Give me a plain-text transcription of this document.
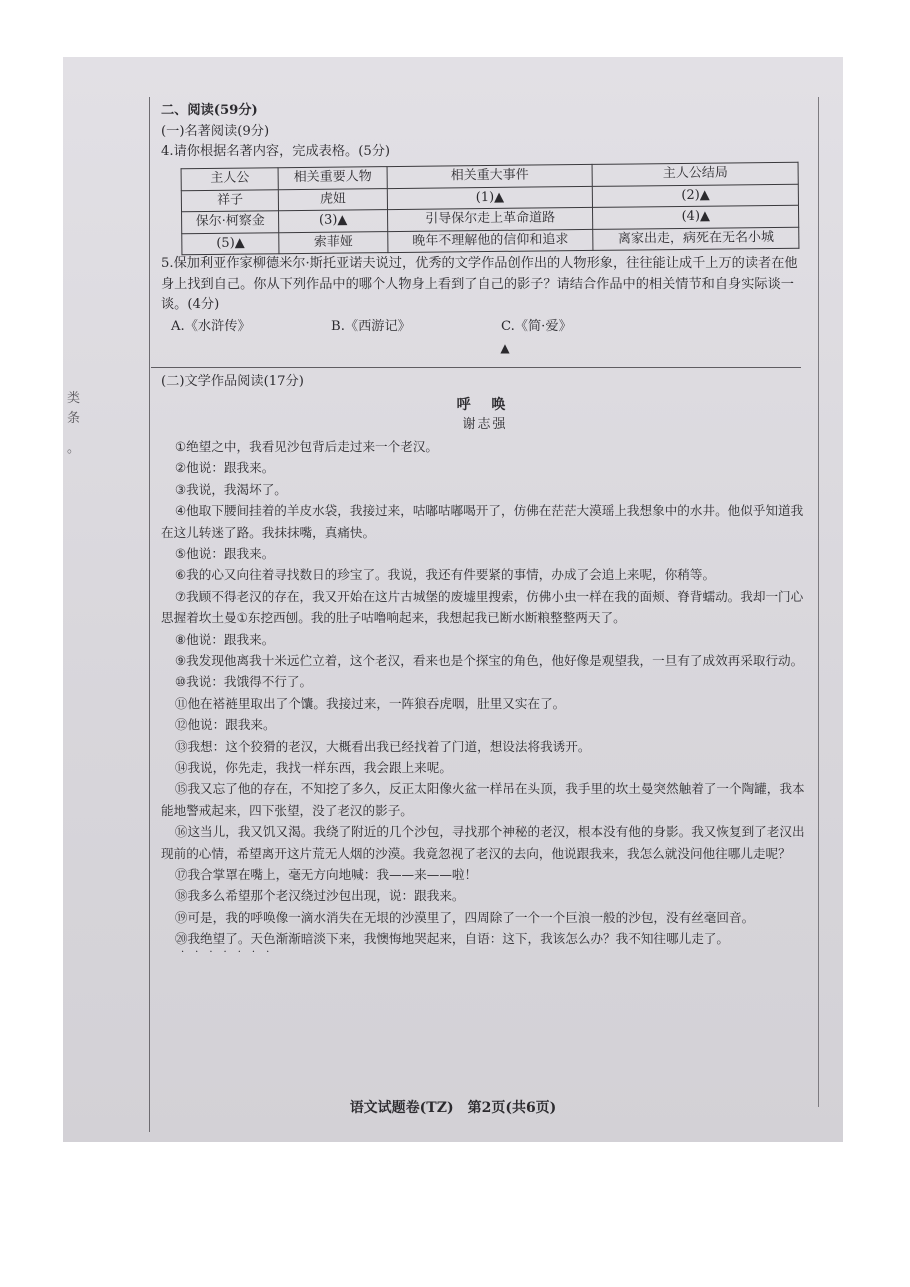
类
条
。
二、阅读(59分)
(一)名著阅读(9分)
4.请你根据名著内容，完成表格。(5分)
主人公	相关重要人物	相关重大事件	主人公结局
祥子	虎妞	(1)▲	(2)▲
保尔·柯察金	(3)▲	引导保尔走上革命道路	(4)▲
(5)▲	索菲娅	晚年不理解他的信仰和追求	离家出走，病死在无名小城
5.保加利亚作家柳德米尔·斯托亚诺夫说过，优秀的文学作品创作出的人物形象，往往能让成千上万的读者在他身上找到自己。你从下列作品中的哪个人物身上看到了自己的影子？请结合作品中的相关情节和自身实际谈一谈。(4分)
A.《水浒传》	B.《西游记》	C.《简·爱》
▲
(二)文学作品阅读(17分)
呼 唤
谢志强

①绝望之中，我看见沙包背后走过来一个老汉。

②他说：跟我来。

③我说，我渴坏了。

④他取下腰间挂着的羊皮水袋，我接过来，咕嘟咕嘟喝开了，仿佛在茫茫大漠瑶上我想象中的水井。他似乎知道我在这儿转迷了路。我抹抹嘴，真痛快。

⑤他说：跟我来。

⑥我的心又向往着寻找数日的珍宝了。我说，我还有件要紧的事情，办成了会追上来呢，你稍等。

⑦我顾不得老汉的存在，我又开始在这片古城堡的废墟里搜索，仿佛小虫一样在我的面颊、脊背蠕动。我却一门心思握着坎土曼①东挖西刨。我的肚子咕噜响起来，我想起我已断水断粮整整两天了。

⑧他说：跟我来。

⑨我发现他离我十米远伫立着，这个老汉，看来也是个探宝的角色，他好像是观望我，一旦有了成效再采取行动。

⑩我说：我饿得不行了。

⑪他在褡裢里取出了个馕。我接过来，一阵狼吞虎咽，肚里又实在了。

⑫他说：跟我来。

⑬我想：这个狡猾的老汉，大概看出我已经找着了门道，想设法将我诱开。

⑭我说，你先走，我找一样东西，我会跟上来呢。

⑮我又忘了他的存在，不知挖了多久，反正太阳像火盆一样吊在头顶，我手里的坎土曼突然触着了一个陶罐，我本能地警戒起来，四下张望，没了老汉的影子。

⑯这当儿，我又饥又渴。我绕了附近的几个沙包，寻找那个神秘的老汉，根本没有他的身影。我又恢复到了老汉出现前的心情，希望离开这片荒无人烟的沙漠。我竟忽视了老汉的去向，他说跟我来，我怎么就没问他往哪儿走呢？

⑰我合掌罩在嘴上，毫无方向地喊：我——来——啦！

⑱我多么希望那个老汉绕过沙包出现，说：跟我来。

⑲可是，我的呼唤像一滴水消失在无垠的沙漠里了，四周除了一个一个巨浪一般的沙包，没有丝毫回音。

⑳我绝望了。天色渐渐暗淡下来，我懊悔地哭起来，自语：这下，我该怎么办？我不知往哪儿走了。

·······
语文试题卷(TZ)　第2页(共6页)
